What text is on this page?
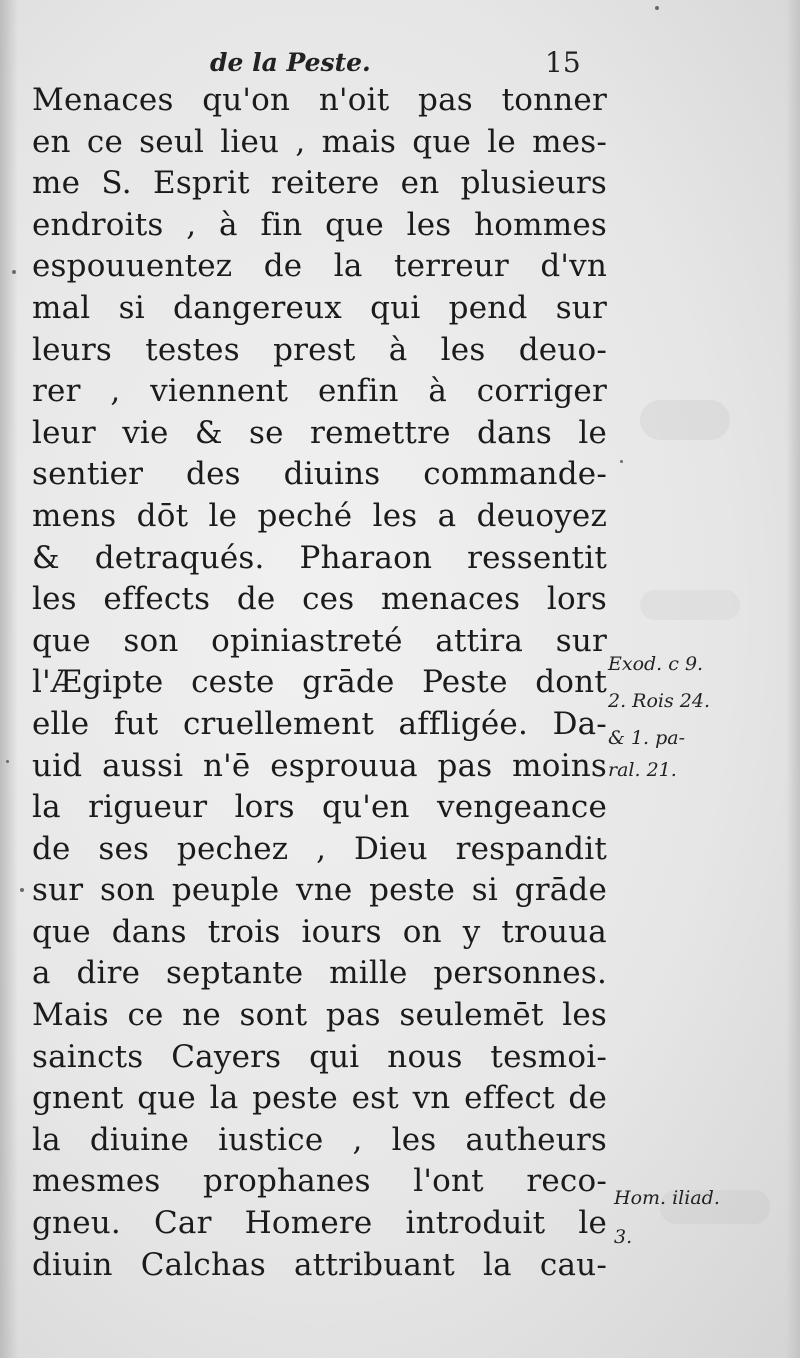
de la Peste.	15
Menaces qu'on n'oit pas tonner
en ce seul lieu , mais que le mes-
me S. Esprit reitere en plusieurs
endroits , à fin que les hommes
espouuentez de la terreur d'vn
mal si dangereux qui pend sur
leurs testes prest à les deuo-
rer , viennent enfin à corriger
leur vie & se remettre dans le
sentier des diuins commande-
mens dōt le peché les a deuoyez
& detraqués. Pharaon ressentit
les effects de ces menaces lors
que son opiniastreté attira sur
l'Ægipte ceste grāde Peste dont
elle fut cruellement affligée. Da-
uid aussi n'ē esprouua pas moins
la rigueur lors qu'en vengeance
de ses pechez , Dieu respandit
sur son peuple vne peste si grāde
que dans trois iours on y trouua
a dire septante mille personnes.
Mais ce ne sont pas seulemēt les
saincts Cayers qui nous tesmoi-
gnent que la peste est vn effect de
la diuine iustice , les autheurs
mesmes prophanes l'ont reco-
gneu. Car Homere introduit le
diuin Calchas attribuant la cau-
Exod. c 9.
2. Rois 24.
& 1. pa-
ral. 21.
Hom. iliad.
3.
